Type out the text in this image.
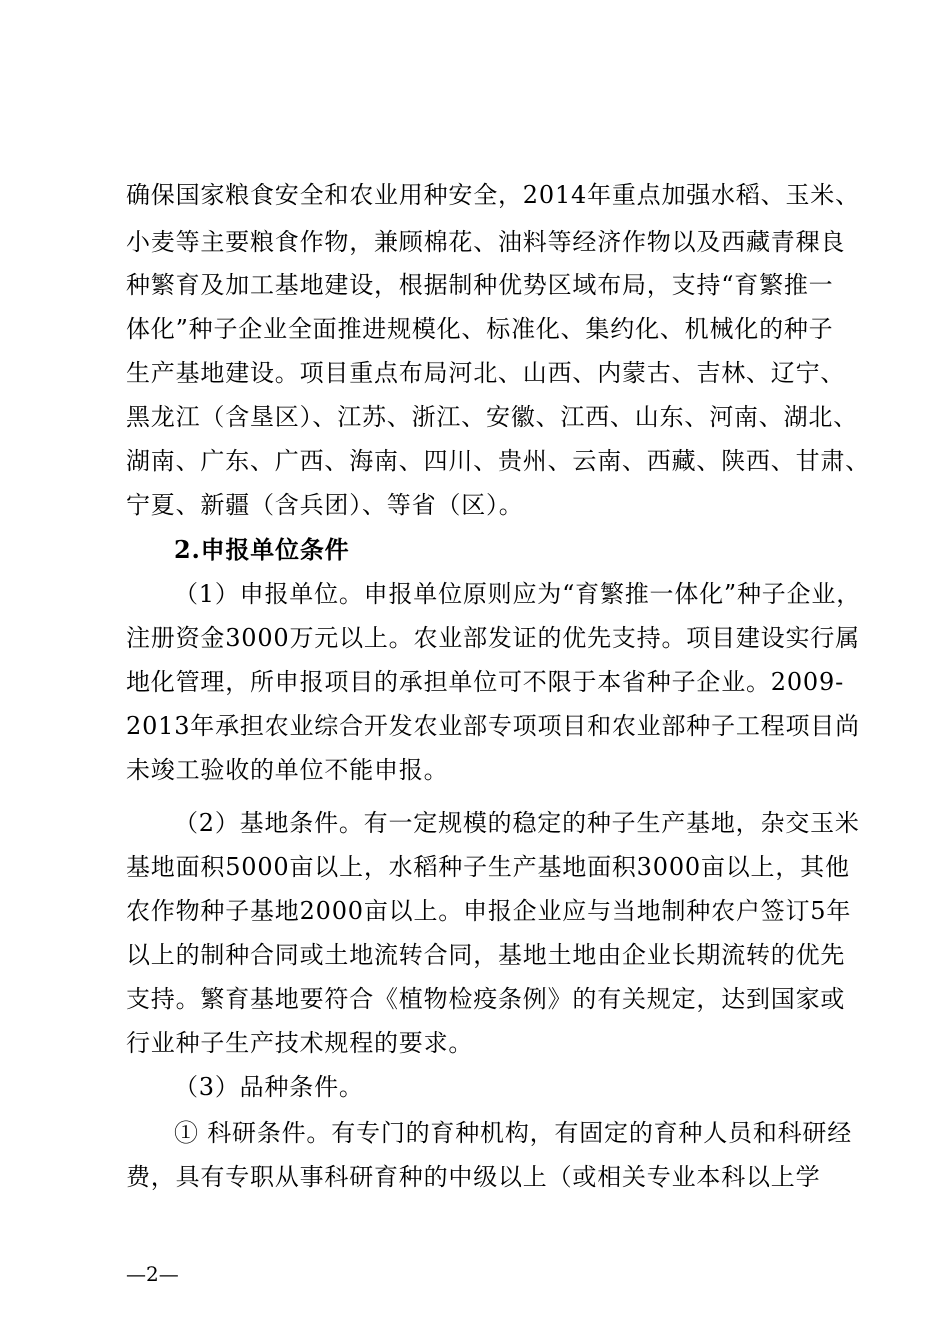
确保国家粮食安全和农业用种安全，2014年重点加强水稻、玉米、
小麦等主要粮食作物，兼顾棉花、油料等经济作物以及西藏青稞良
种繁育及加工基地建设，根据制种优势区域布局，支持“育繁推一
体化”种子企业全面推进规模化、标准化、集约化、机械化的种子
生产基地建设。项目重点布局河北、山西、内蒙古、吉林、辽宁、
黑龙江（含垦区）、江苏、浙江、安徽、江西、山东、河南、湖北、
湖南、广东、广西、海南、四川、贵州、云南、西藏、陕西、甘肃、
宁夏、新疆（含兵团）、等省（区）。
2.申报单位条件
（1）申报单位。申报单位原则应为“育繁推一体化”种子企业，
注册资金3000万元以上。农业部发证的优先支持。项目建设实行属
地化管理，所申报项目的承担单位可不限于本省种子企业。2009-
2013年承担农业综合开发农业部专项项目和农业部种子工程项目尚
未竣工验收的单位不能申报。
（2）基地条件。有一定规模的稳定的种子生产基地，杂交玉米
基地面积5000亩以上，水稻种子生产基地面积3000亩以上，其他
农作物种子基地2000亩以上。申报企业应与当地制种农户签订5年
以上的制种合同或土地流转合同，基地土地由企业长期流转的优先
支持。繁育基地要符合《植物检疫条例》的有关规定，达到国家或
行业种子生产技术规程的要求。
（3）品种条件。
① 科研条件。有专门的育种机构，有固定的育种人员和科研经
费，具有专职从事科研育种的中级以上（或相关专业本科以上学
—2—
